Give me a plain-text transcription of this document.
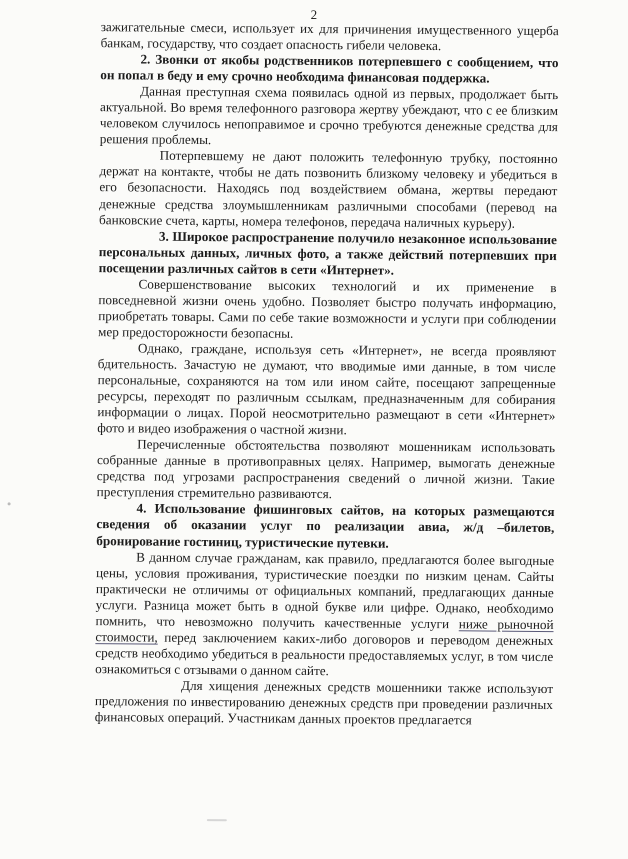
2

зажигательные смеси, использует их для причинения имущественного ущерба банкам, государству, что создает опасность гибели человека.

2. Звонки от якобы родственников потерпевшего с сообщением, что он попал в беду и ему срочно необходима финансовая поддержка.

Данная преступная схема появилась одной из первых, продолжает быть актуальной. Во время телефонного разговора жертву убеждают, что с ее близким человеком случилось непоправимое и срочно требуются денежные средства для решения проблемы.

Потерпевшему не дают положить телефонную трубку, постоянно держат на контакте, чтобы не дать позвонить близкому человеку и убедиться в его безопасности. Находясь под воздействием обмана, жертвы передают денежные средства злоумышленникам различными способами (перевод на банковские счета, карты, номера телефонов, передача наличных курьеру).

3. Широкое распространение получило незаконное использование персональных данных, личных фото, а также действий потерпевших при посещении различных сайтов в сети «Интернет».

Совершенствование высоких технологий и их применение в повседневной жизни очень удобно. Позволяет быстро получать информацию, приобретать товары. Сами по себе такие возможности и услуги при соблюдении мер предосторожности безопасны.

Однако, граждане, используя сеть «Интернет», не всегда проявляют бдительность. Зачастую не думают, что вводимые ими данные, в том числе персональные, сохраняются на том или ином сайте, посещают запрещенные ресурсы, переходят по различным ссылкам, предназначенным для собирания информации о лицах. Порой неосмотрительно размещают в сети «Интернет» фото и видео изображения о частной жизни.

Перечисленные обстоятельства позволяют мошенникам использовать собранные данные в противоправных целях. Например, вымогать денежные средства под угрозами распространения сведений о личной жизни. Такие преступления стремительно развиваются.

4. Использование фишинговых сайтов, на которых размещаются сведения об оказании услуг по реализации авиа, ж/д –билетов, бронирование гостиниц, туристические путевки.

В данном случае гражданам, как правило, предлагаются более выгодные цены, условия проживания, туристические поездки по низким ценам. Сайты практически не отличимы от официальных компаний, предлагающих данные услуги. Разница может быть в одной букве или цифре. Однако, необходимо помнить, что невозможно получить качественные услуги ниже рыночной стоимости, перед заключением каких-либо договоров и переводом денежных средств необходимо убедиться в реальности предоставляемых услуг, в том числе ознакомиться с отзывами о данном сайте.

Для хищения денежных средств мошенники также используют предложения по инвестированию денежных средств при проведении различных финансовых операций. Участникам данных проектов предлагается
